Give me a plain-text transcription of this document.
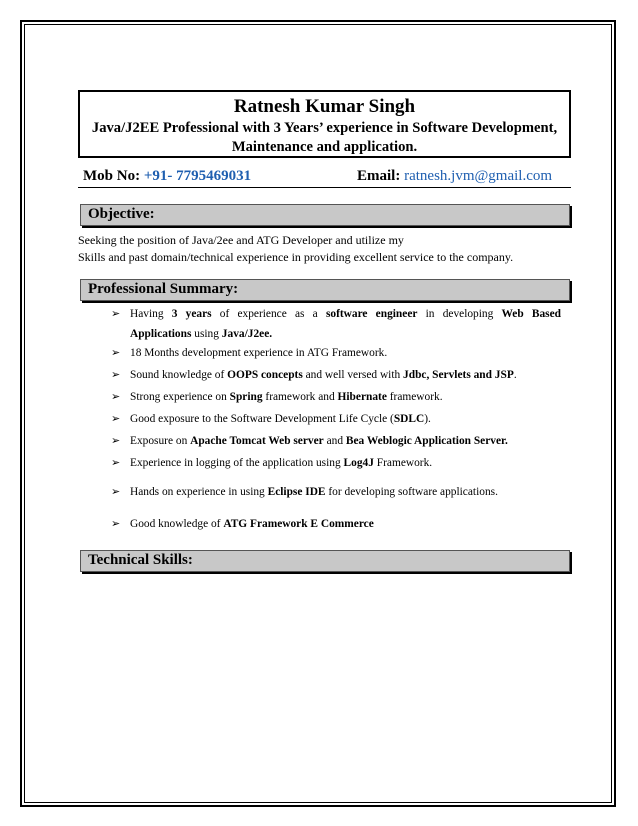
Ratnesh Kumar Singh
Java/J2EE Professional with 3 Years’ experience in Software Development,
Maintenance and application.
Mob No: +91- 7795469031	Email: ratnesh.jvm@gmail.com
Objective:
Seeking the position of Java/2ee and ATG Developer and utilize my
Skills and past domain/technical experience in providing excellent service to the company.
Professional Summary:
➢ Having 3 years of experience as a software engineer in developing Web Based
Applications using Java/J2ee.
➢ 18 Months development experience in ATG Framework.
➢ Sound knowledge of OOPS concepts and well versed with Jdbc, Servlets and JSP.
➢ Strong experience on Spring framework and Hibernate framework.
➢ Good exposure to the Software Development Life Cycle (SDLC).
➢ Exposure on Apache Tomcat Web server and Bea Weblogic Application Server.
➢ Experience in logging of the application using Log4J Framework.
➢ Hands on experience in using Eclipse IDE for developing software applications.
➢ Good knowledge of ATG Framework E Commerce
Technical Skills:
